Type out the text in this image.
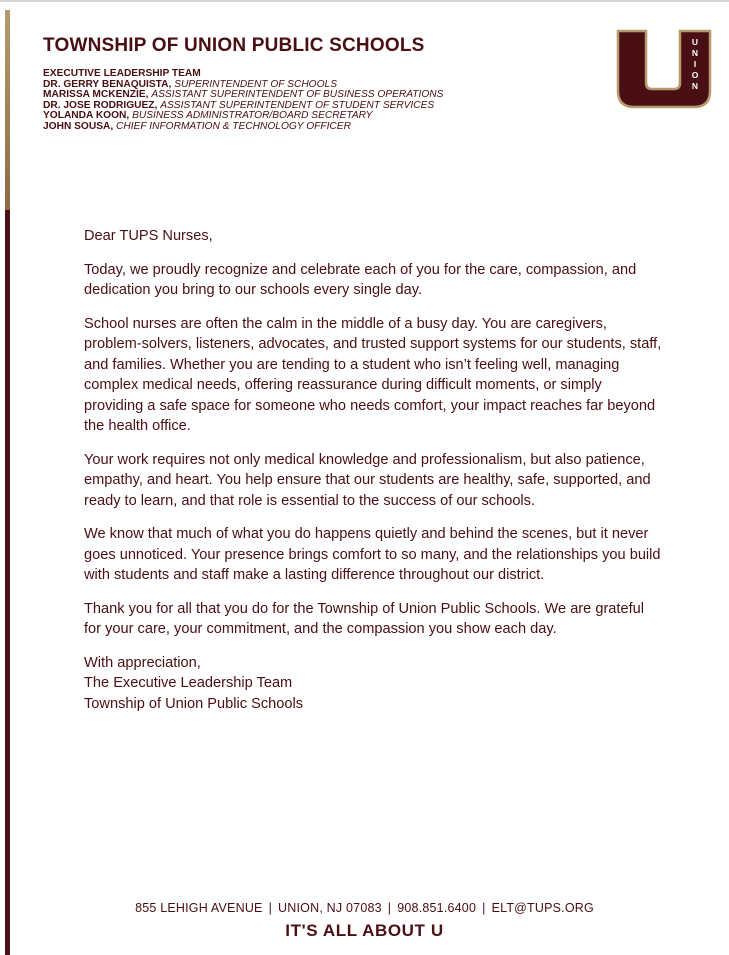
TOWNSHIP OF UNION PUBLIC SCHOOLS
EXECUTIVE LEADERSHIP TEAM
DR. GERRY BENAQUISTA, SUPERINTENDENT OF SCHOOLS
MARISSA MCKENZIE, ASSISTANT SUPERINTENDENT OF BUSINESS OPERATIONS
DR. JOSE RODRIGUEZ, ASSISTANT SUPERINTENDENT OF STUDENT SERVICES
YOLANDA KOON, BUSINESS ADMINISTRATOR/BOARD SECRETARY
JOHN SOUSA, CHIEF INFORMATION & TECHNOLOGY OFFICER
U
N
I
O
N

Dear TUPS Nurses,

Today, we proudly recognize and celebrate each of you for the care, compassion, and dedication you bring to our schools every single day.

School nurses are often the calm in the middle of a busy day. You are caregivers, problem-solvers, listeners, advocates, and trusted support systems for our students, staff, and families. Whether you are tending to a student who isn’t feeling well, managing complex medical needs, offering reassurance during difficult moments, or simply providing a safe space for someone who needs comfort, your impact reaches far beyond the health office.

Your work requires not only medical knowledge and professionalism, but also patience, empathy, and heart. You help ensure that our students are healthy, safe, supported, and ready to learn, and that role is essential to the success of our schools.

We know that much of what you do happens quietly and behind the scenes, but it never goes unnoticed. Your presence brings comfort to so many, and the relationships you build with students and staff make a lasting difference throughout our district.

Thank you for all that you do for the Township of Union Public Schools. We are grateful for your care, your commitment, and the compassion you show each day.

With appreciation,
The Executive Leadership Team
Township of Union Public Schools

855 LEHIGH AVENUE | UNION, NJ 07083 | 908.851.6400 | ELT@TUPS.ORG
IT'S ALL ABOUT U
